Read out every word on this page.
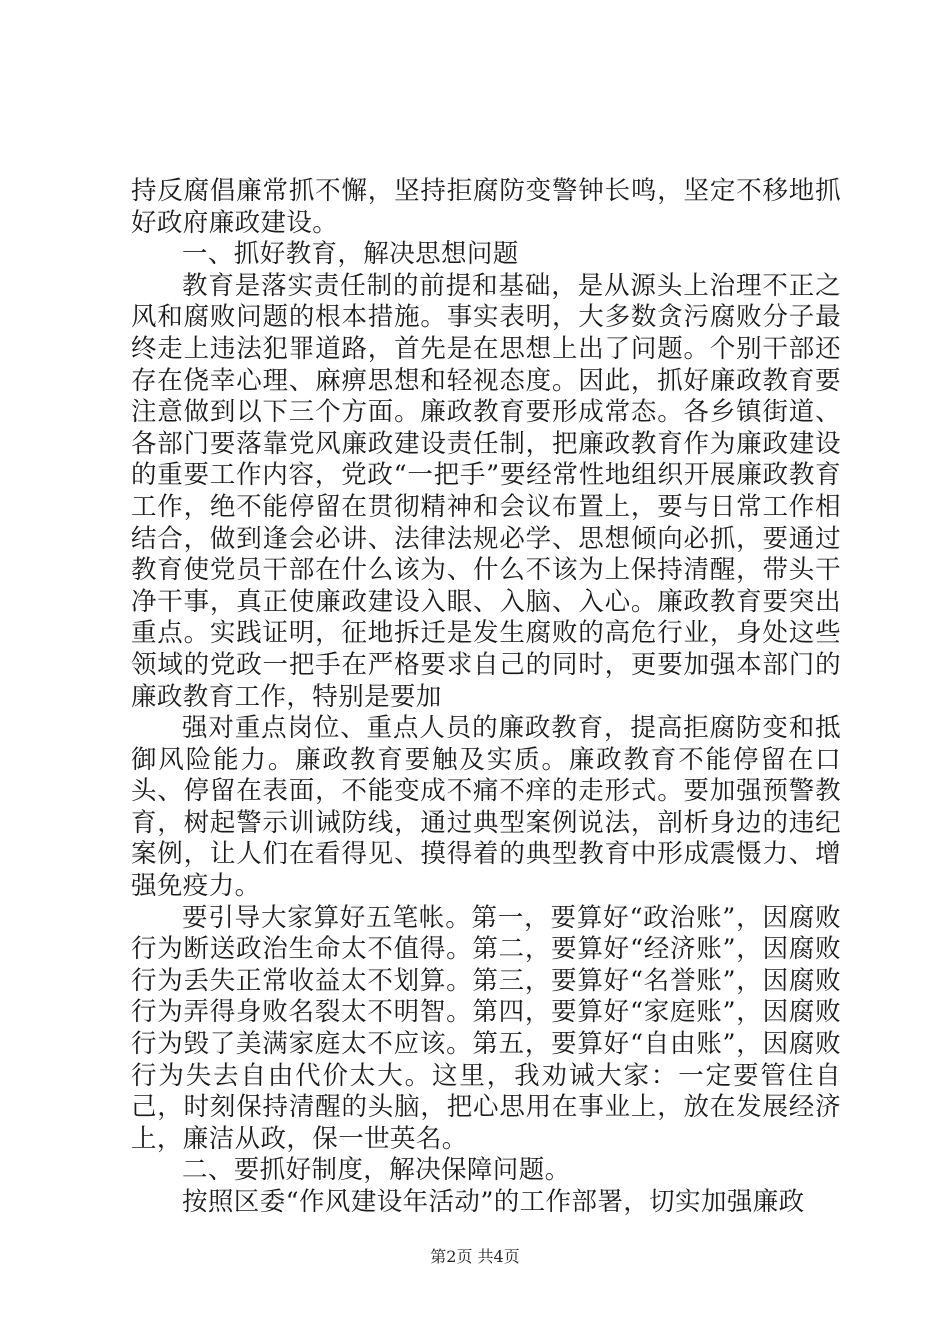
持反腐倡廉常抓不懈，坚持拒腐防变警钟长鸣，坚定不移地抓好政府廉政建设。

一、抓好教育，解决思想问题

教育是落实责任制的前提和基础，是从源头上治理不正之风和腐败问题的根本措施。事实表明，大多数贪污腐败分子最终走上违法犯罪道路，首先是在思想上出了问题。个别干部还存在侥幸心理、麻痹思想和轻视态度。因此，抓好廉政教育要注意做到以下三个方面。廉政教育要形成常态。各乡镇街道、各部门要落靠党风廉政建设责任制，把廉政教育作为廉政建设的重要工作内容，党政“一把手”要经常性地组织开展廉政教育工作，绝不能停留在贯彻精神和会议布置上，要与日常工作相结合，做到逢会必讲、法律法规必学、思想倾向必抓，要通过教育使党员干部在什么该为、什么不该为上保持清醒，带头干净干事，真正使廉政建设入眼、入脑、入心。廉政教育要突出重点。实践证明，征地拆迁是发生腐败的高危行业，身处这些领域的党政一把手在严格要求自己的同时，更要加强本部门的廉政教育工作，特别是要加

强对重点岗位、重点人员的廉政教育，提高拒腐防变和抵御风险能力。廉政教育要触及实质。廉政教育不能停留在口头、停留在表面，不能变成不痛不痒的走形式。要加强预警教育，树起警示训诫防线，通过典型案例说法，剖析身边的违纪案例，让人们在看得见、摸得着的典型教育中形成震慑力、增强免疫力。

要引导大家算好五笔帐。第一，要算好“政治账”，因腐败行为断送政治生命太不值得。第二，要算好“经济账”，因腐败行为丢失正常收益太不划算。第三，要算好“名誉账”，因腐败行为弄得身败名裂太不明智。第四，要算好“家庭账”，因腐败行为毁了美满家庭太不应该。第五，要算好“自由账”，因腐败行为失去自由代价太大。这里，我劝诫大家：一定要管住自己，时刻保持清醒的头脑，把心思用在事业上，放在发展经济上，廉洁从政，保一世英名。

二、要抓好制度，解决保障问题。

按照区委“作风建设年活动”的工作部署，切实加强廉政

第2页 共4页
